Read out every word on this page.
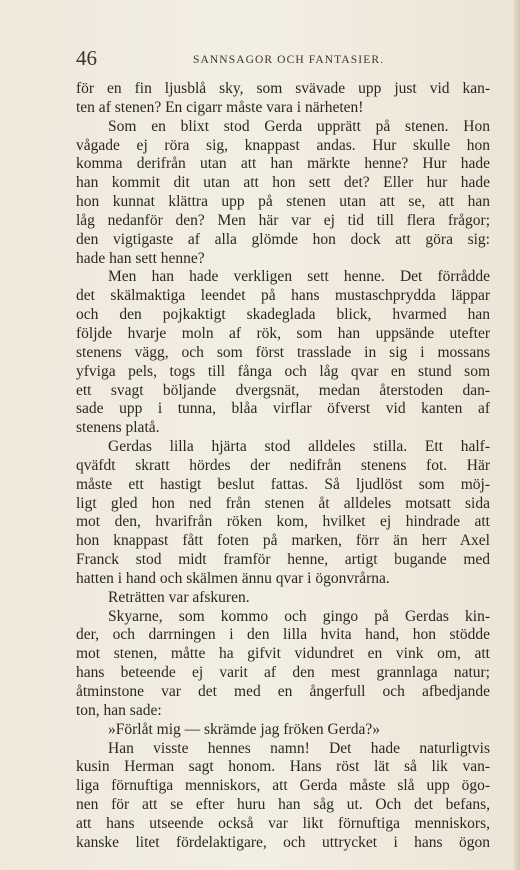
46	SANNSAGOR OCH FANTASIER.
för en fin ljusblå sky, som svävade upp just vid kan-
ten af stenen? En cigarr måste vara i närheten!
Som en blixt stod Gerda upprätt på stenen. Hon
vågade ej röra sig, knappast andas. Hur skulle hon
komma derifrån utan att han märkte henne? Hur hade
han kommit dit utan att hon sett det? Eller hur hade
hon kunnat klättra upp på stenen utan att se, att han
låg nedanför den? Men här var ej tid till flera frågor;
den vigtigaste af alla glömde hon dock att göra sig:
hade han sett henne?
Men han hade verkligen sett henne. Det förrådde
det skälmaktiga leendet på hans mustaschprydda läppar
och den pojkaktigt skadeglada blick, hvarmed han
följde hvarje moln af rök, som han uppsände utefter
stenens vägg, och som först trasslade in sig i mossans
yfviga pels, togs till fånga och låg qvar en stund som
ett svagt böljande dvergsnät, medan återstoden dan-
sade upp i tunna, blåa virflar öfverst vid kanten af
stenens platå.
Gerdas lilla hjärta stod alldeles stilla. Ett half-
qväfdt skratt hördes der nedifrån stenens fot. Här
måste ett hastigt beslut fattas. Så ljudlöst som möj-
ligt gled hon ned från stenen åt alldeles motsatt sida
mot den, hvarifrån röken kom, hvilket ej hindrade att
hon knappast fått foten på marken, förr än herr Axel
Franck stod midt framför henne, artigt bugande med
hatten i hand och skälmen ännu qvar i ögonvrårna.
Reträtten var afskuren.
Skyarne, som kommo och gingo på Gerdas kin-
der, och darrningen i den lilla hvita hand, hon stödde
mot stenen, måtte ha gifvit vidundret en vink om, att
hans beteende ej varit af den mest grannlaga natur;
åtminstone var det med en ångerfull och afbedjande
ton, han sade:
»Förlåt mig — skrämde jag fröken Gerda?»
Han visste hennes namn! Det hade naturligtvis
kusin Herman sagt honom. Hans röst lät så lik van-
liga förnuftiga menniskors, att Gerda måste slå upp ögo-
nen för att se efter huru han såg ut. Och det befans,
att hans utseende också var likt förnuftiga menniskors,
kanske litet fördelaktigare, och uttrycket i hans ögon
